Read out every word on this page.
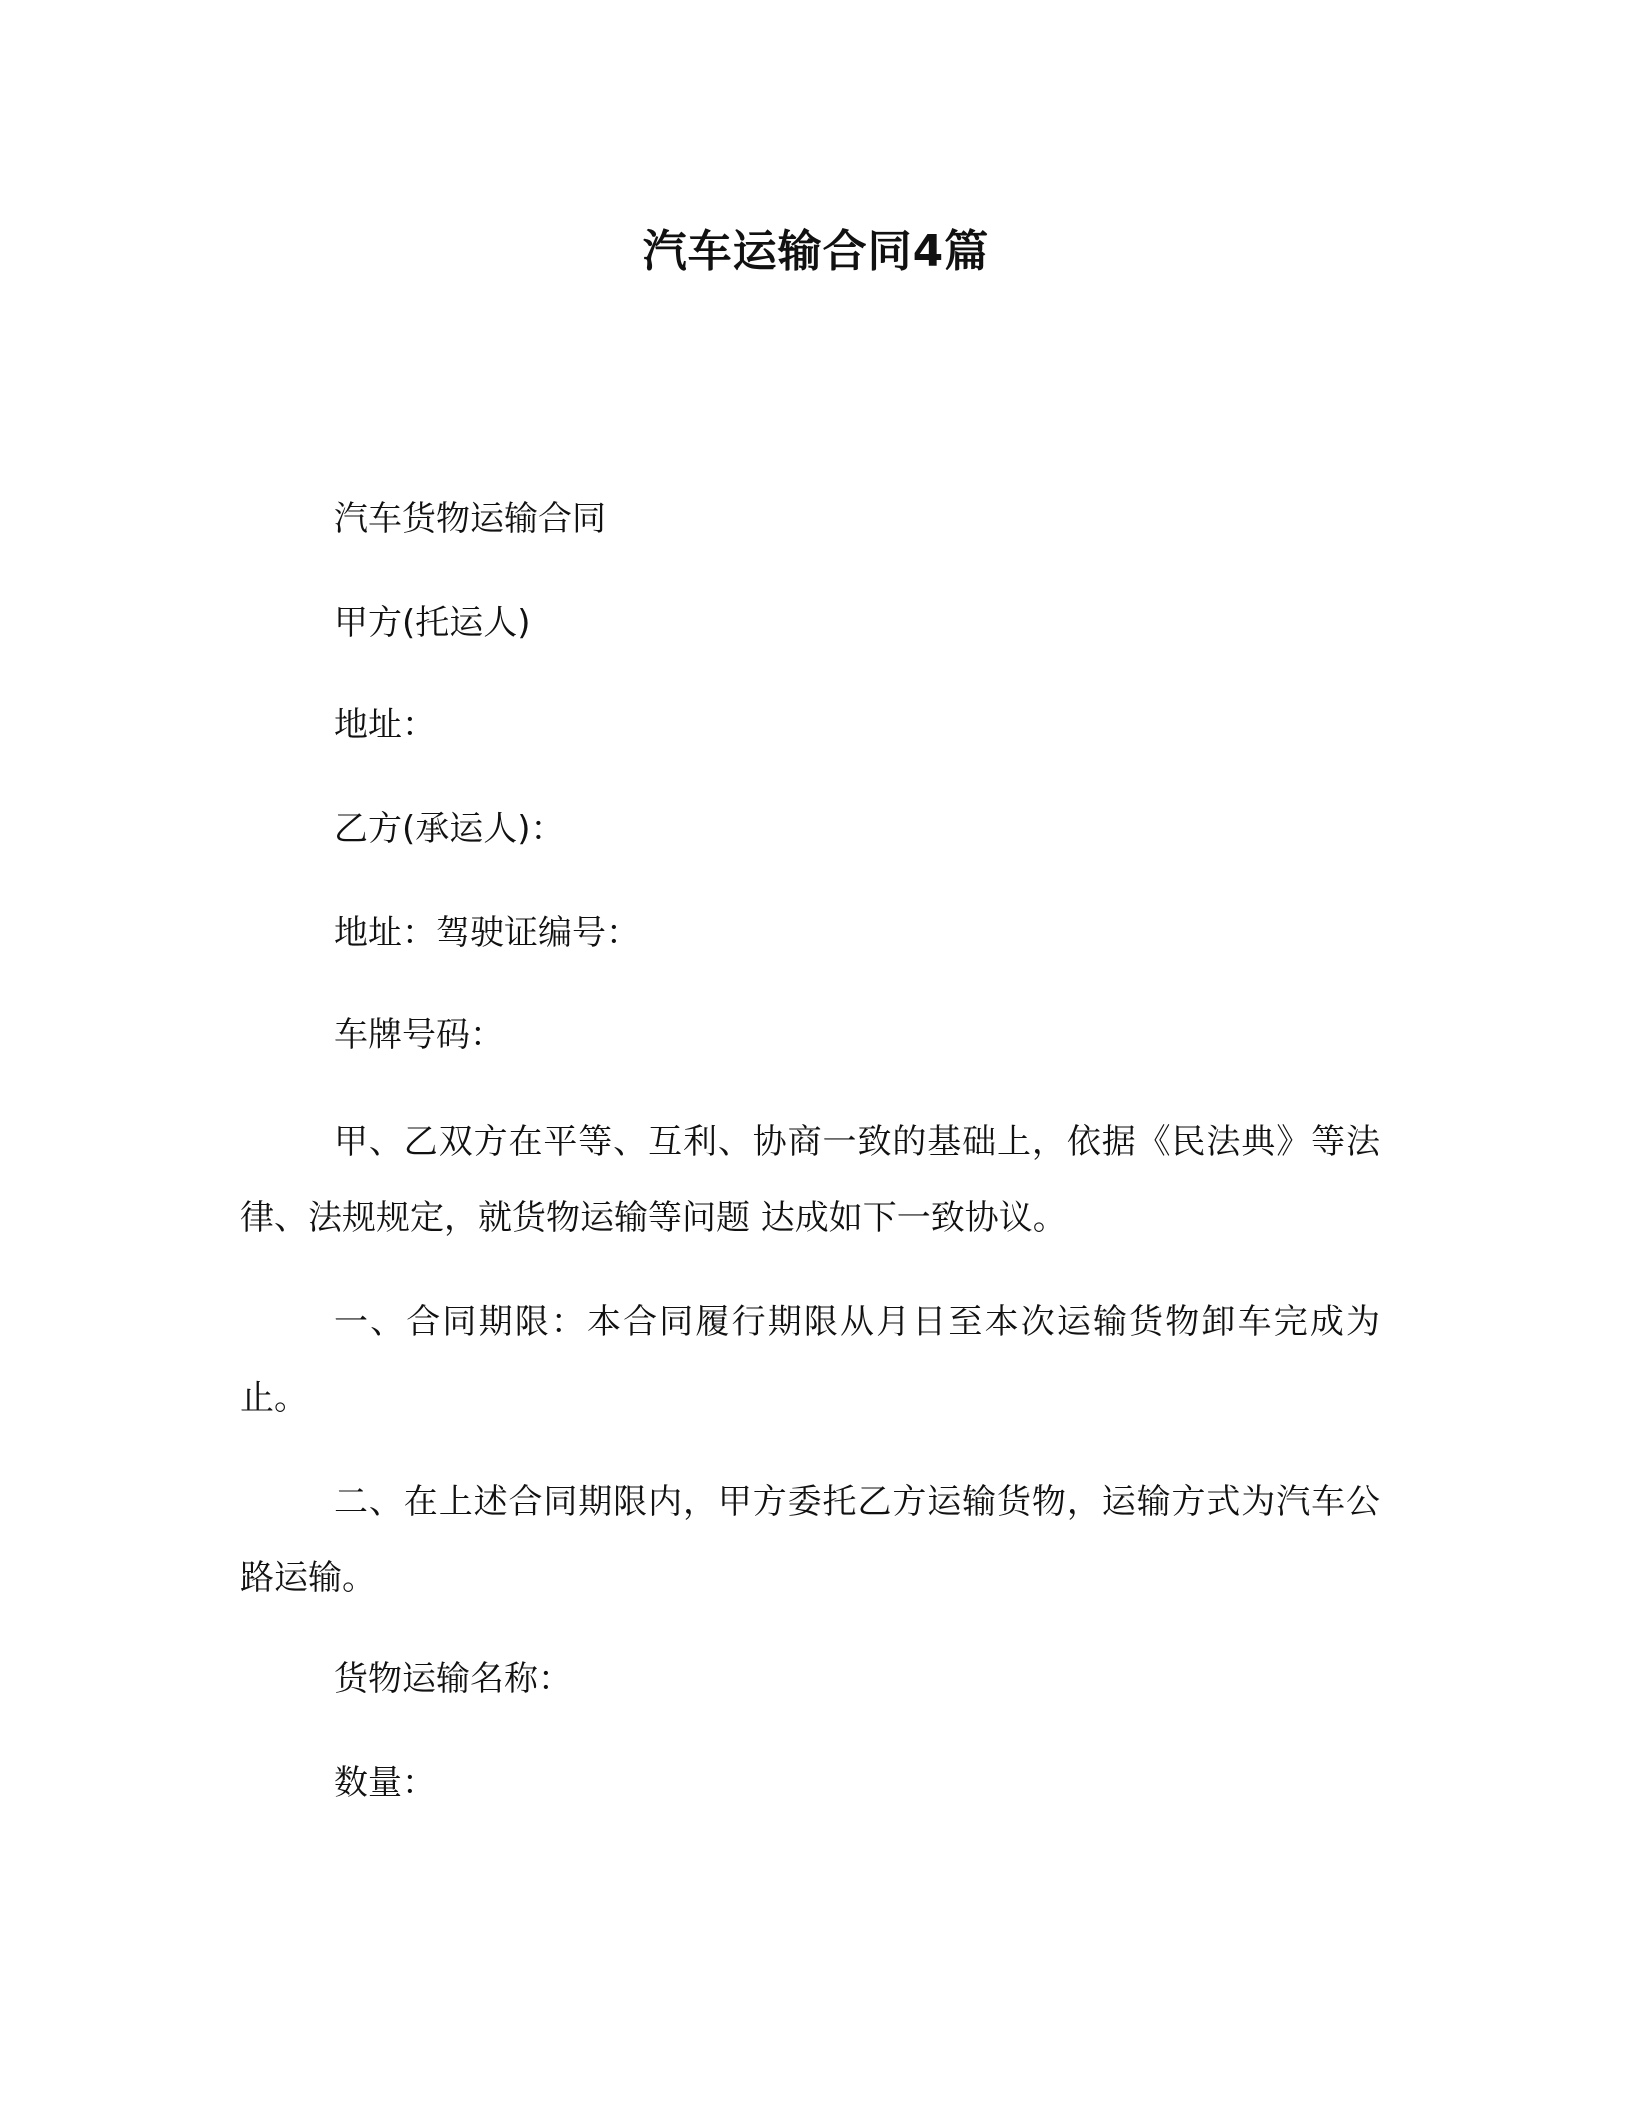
汽车运输合同4篇
汽车货物运输合同
甲方(托运人)
地址：
乙方(承运人)：
地址：驾驶证编号：
车牌号码：
甲、乙双方在平等、互利、协商一致的基础上，依据《民法典》等法律、法规规定，就货物运输等问题 达成如下一致协议。
一、合同期限：本合同履行期限从月日至本次运输货物卸车完成为止。
二、在上述合同期限内，甲方委托乙方运输货物，运输方式为汽车公路运输。
货物运输名称：
数量：
